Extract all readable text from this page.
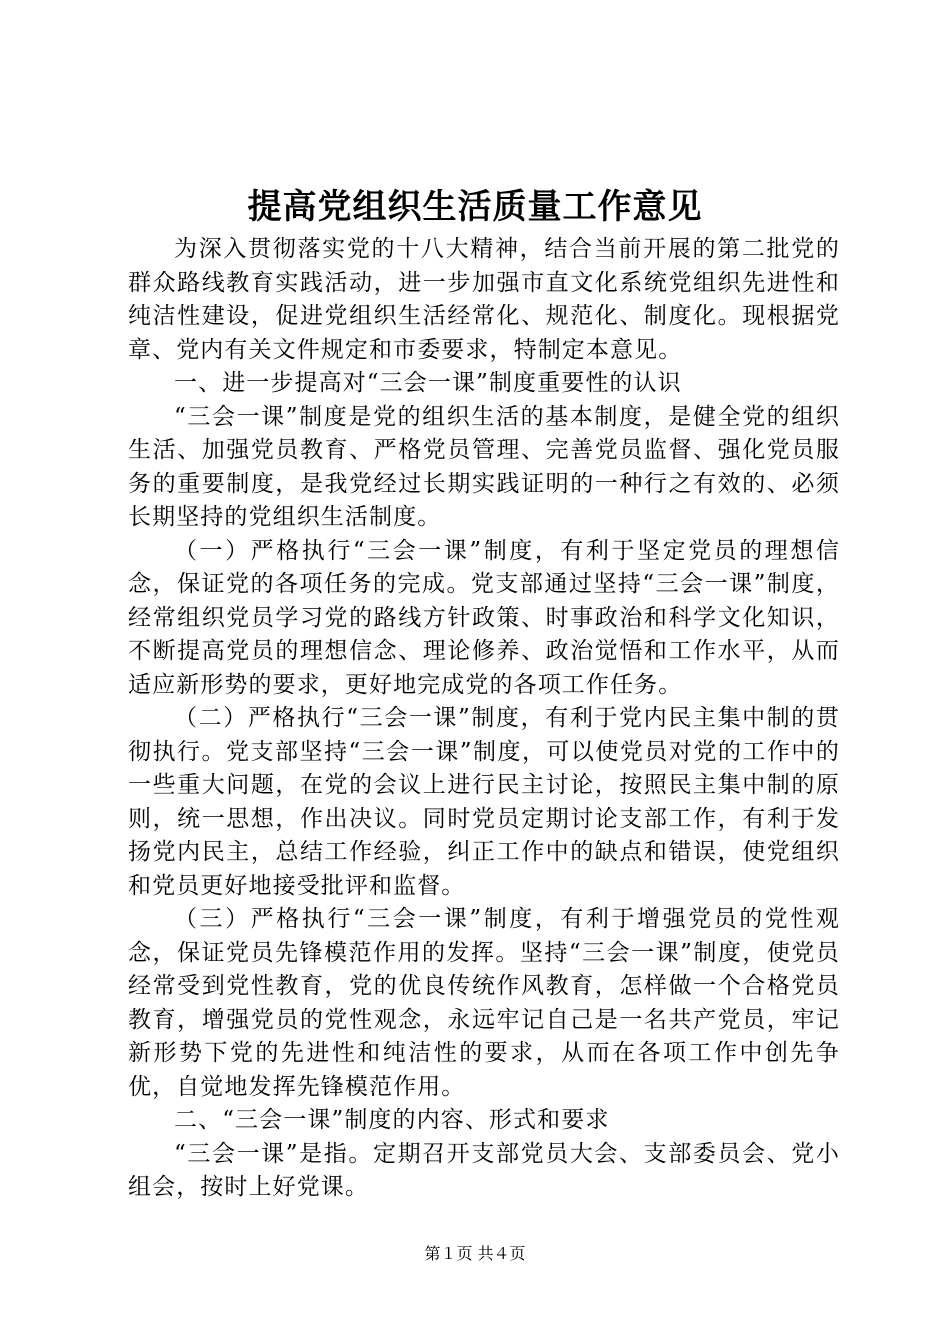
提高党组织生活质量工作意见

为深入贯彻落实党的十八大精神，结合当前开展的第二批党的群众路线教育实践活动，进一步加强市直文化系统党组织先进性和纯洁性建设，促进党组织生活经常化、规范化、制度化。现根据党章、党内有关文件规定和市委要求，特制定本意见。

一、进一步提高对“三会一课”制度重要性的认识

“三会一课”制度是党的组织生活的基本制度，是健全党的组织生活、加强党员教育、严格党员管理、完善党员监督、强化党员服务的重要制度，是我党经过长期实践证明的一种行之有效的、必须长期坚持的党组织生活制度。

（一）严格执行“三会一课”制度，有利于坚定党员的理想信念，保证党的各项任务的完成。党支部通过坚持“三会一课”制度，经常组织党员学习党的路线方针政策、时事政治和科学文化知识，不断提高党员的理想信念、理论修养、政治觉悟和工作水平，从而适应新形势的要求，更好地完成党的各项工作任务。

（二）严格执行“三会一课”制度，有利于党内民主集中制的贯彻执行。党支部坚持“三会一课”制度，可以使党员对党的工作中的一些重大问题，在党的会议上进行民主讨论，按照民主集中制的原则，统一思想，作出决议。同时党员定期讨论支部工作，有利于发扬党内民主，总结工作经验，纠正工作中的缺点和错误，使党组织和党员更好地接受批评和监督。

（三）严格执行“三会一课”制度，有利于增强党员的党性观念，保证党员先锋模范作用的发挥。坚持“三会一课”制度，使党员经常受到党性教育，党的优良传统作风教育，怎样做一个合格党员教育，增强党员的党性观念，永远牢记自己是一名共产党员，牢记新形势下党的先进性和纯洁性的要求，从而在各项工作中创先争优，自觉地发挥先锋模范作用。

二、“三会一课”制度的内容、形式和要求

“三会一课”是指。定期召开支部党员大会、支部委员会、党小组会，按时上好党课。

第１页 共４页
